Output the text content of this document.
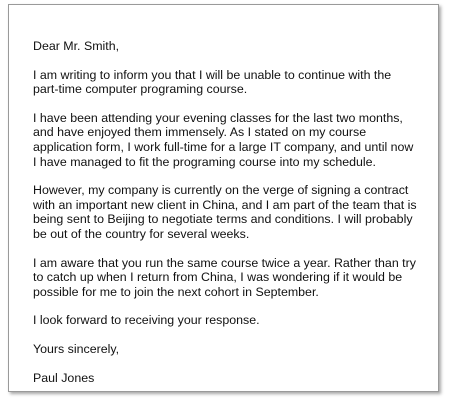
Dear Mr. Smith,

I am writing to inform you that I will be unable to continue with the
part-time computer programing course.

I have been attending your evening classes for the last two months,
and have enjoyed them immensely. As I stated on my course
application form, I work full-time for a large IT company, and until now
I have managed to fit the programing course into my schedule.

However, my company is currently on the verge of signing a contract
with an important new client in China, and I am part of the team that is
being sent to Beijing to negotiate terms and conditions. I will probably
be out of the country for several weeks.

I am aware that you run the same course twice a year. Rather than try
to catch up when I return from China, I was wondering if it would be
possible for me to join the next cohort in September.

I look forward to receiving your response.

Yours sincerely,

Paul Jones
